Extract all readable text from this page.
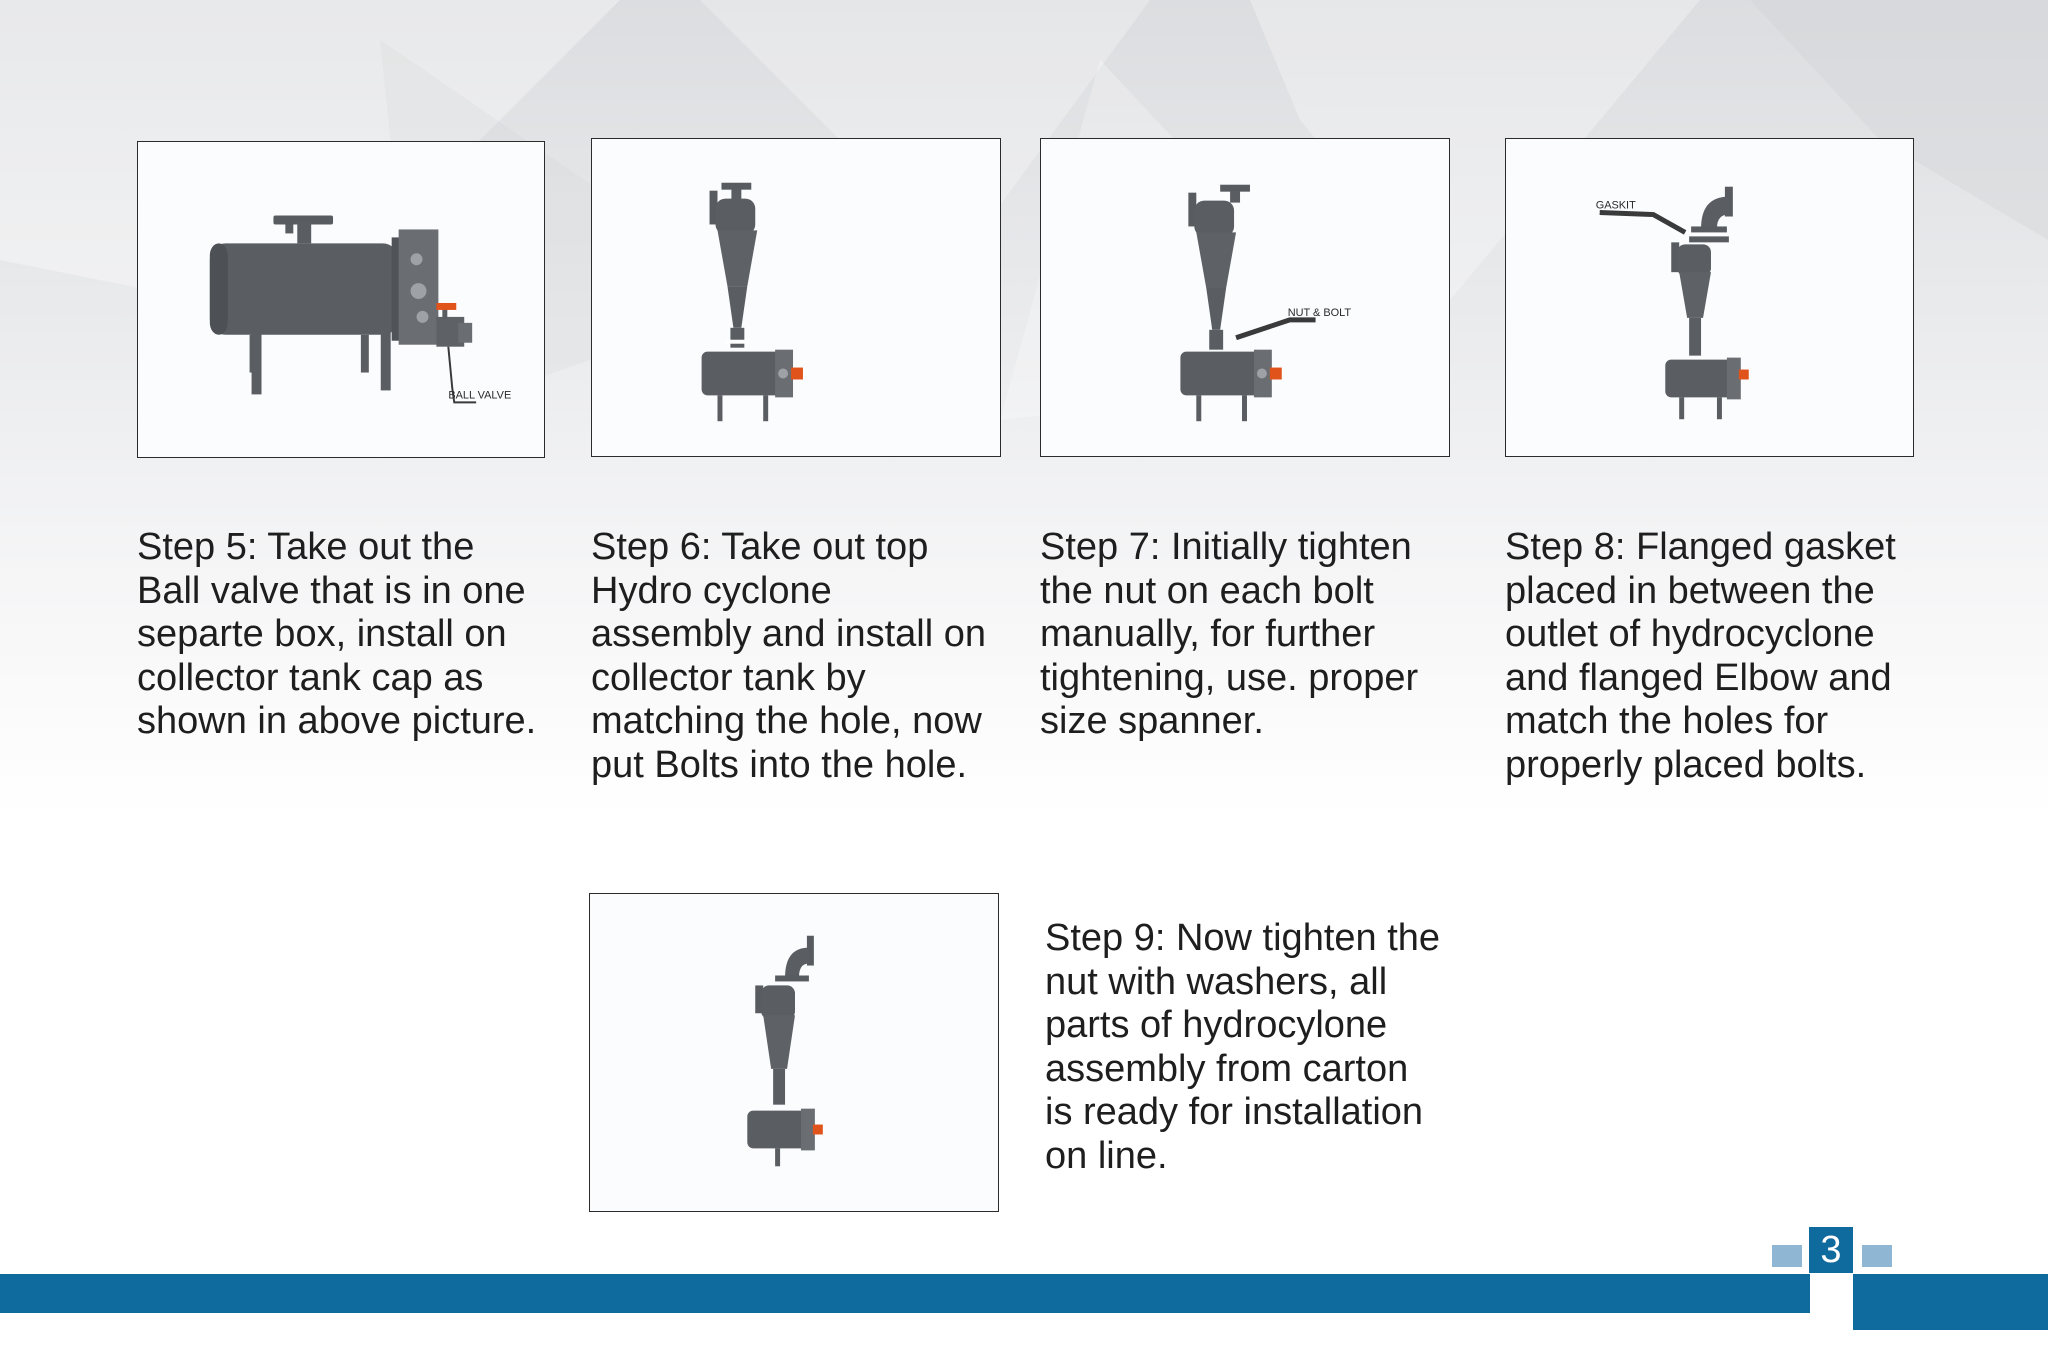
BALL VALVE
NUT & BOLT
GASKIT

Step 5: Take out the
Ball valve that is in one
separte box, install on
collector tank cap as
shown in above picture.

Step 6: Take out top
Hydro cyclone
assembly and install on
collector tank by
matching the hole, now
put Bolts into the hole.

Step 7: Initially tighten
the nut on each bolt
manually, for further
tightening, use. proper
size spanner.

Step 8: Flanged gasket
placed in between the
outlet of hydrocyclone
and flanged Elbow and
match the holes for
properly placed bolts.

Step 9: Now tighten the
nut with washers, all
parts of hydrocylone
assembly from carton
is ready for installation
on line.

3
